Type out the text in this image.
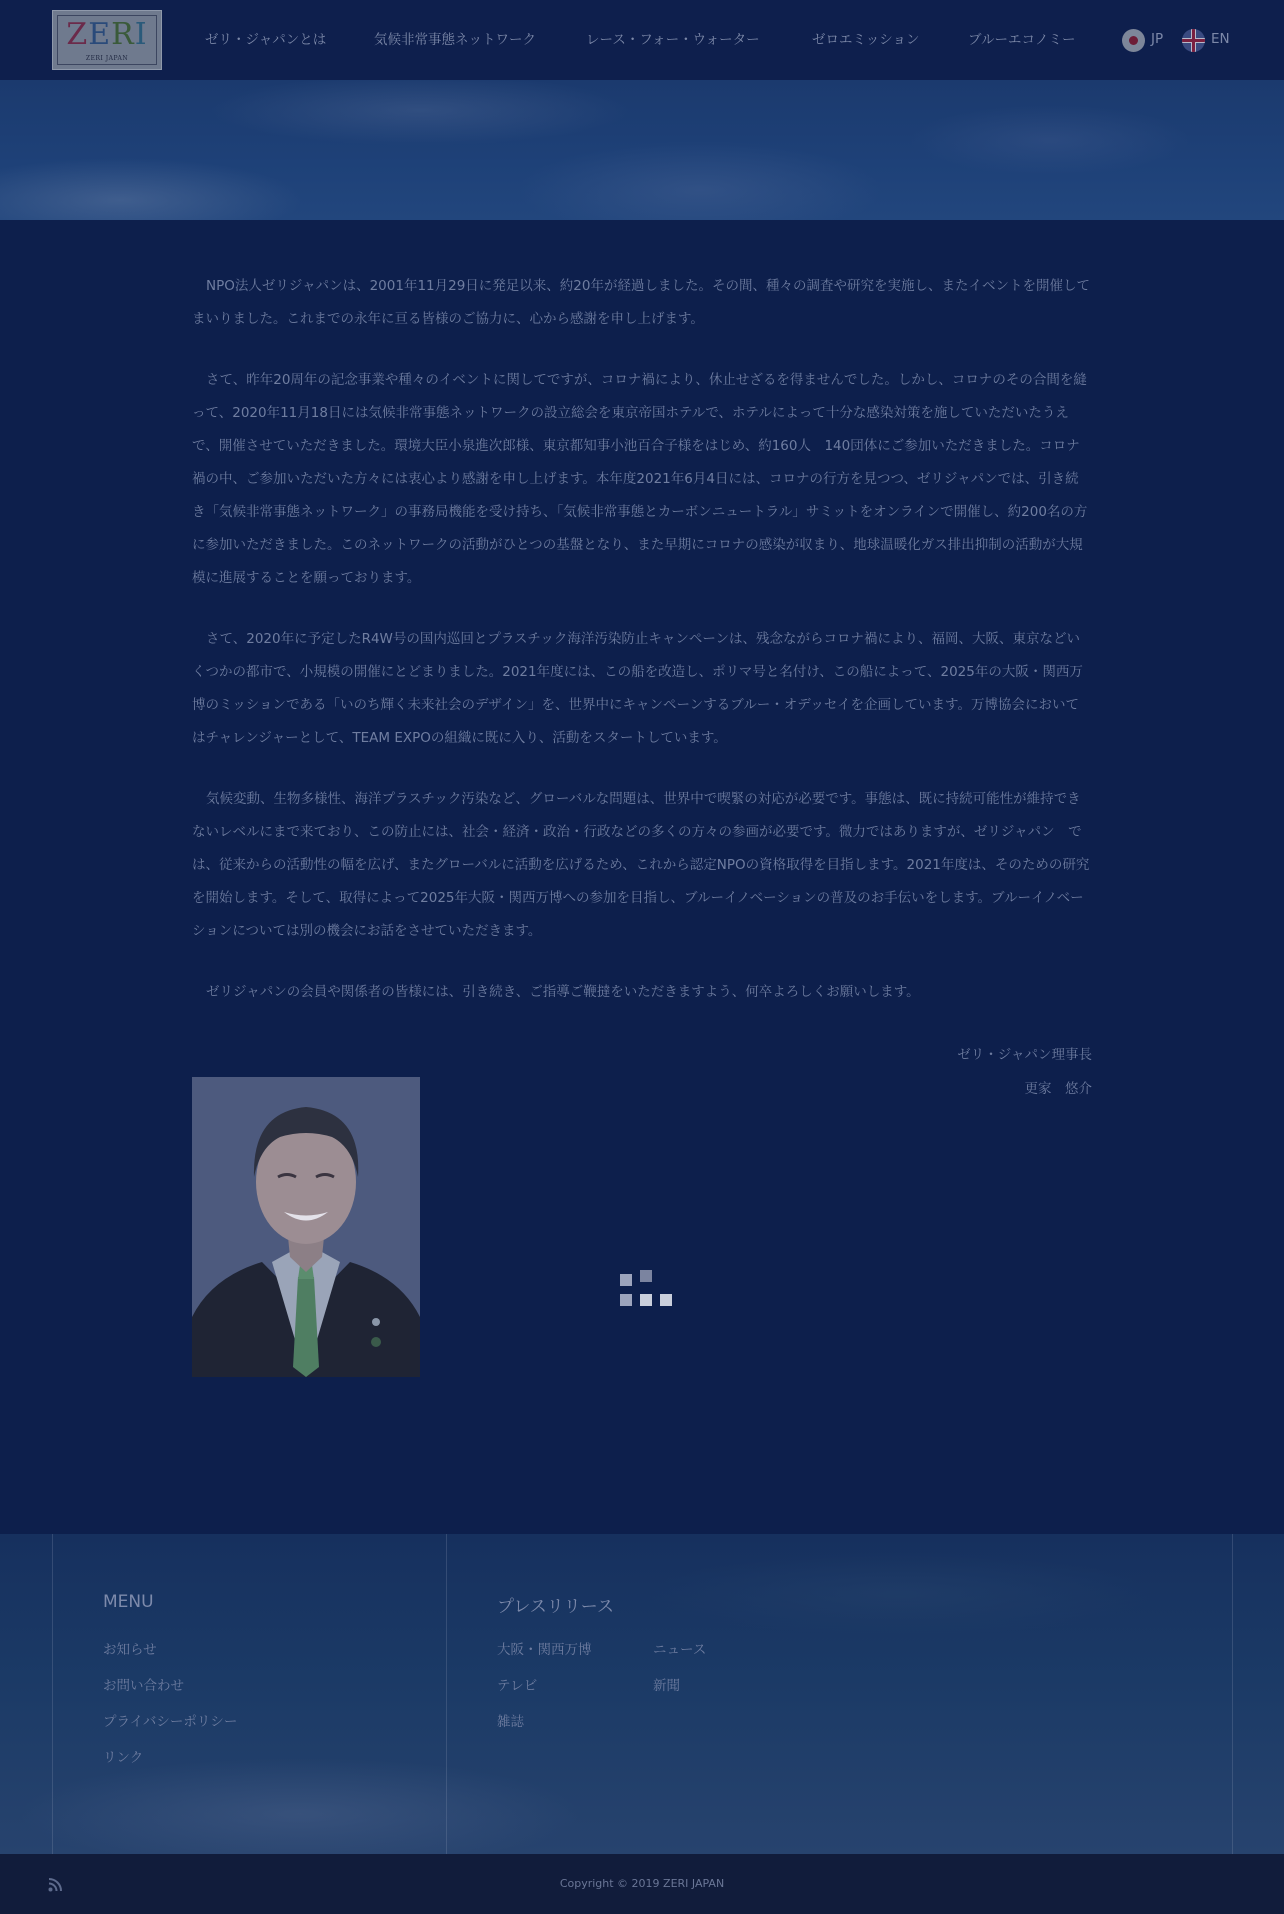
ZERI
ZERI JAPAN
ゼリ・ジャパンとは	気候非常事態ネットワーク	レース・フォー・ウォーター	ゼロエミッション	ブルーエコノミー	JP	EN

NPO法人ゼリジャパンは、2001年11月29日に発足以来、約20年が経過しました。その間、種々の調査や研究を実施し、またイベントを開催してまいりました。これまでの永年に亘る皆様のご協力に、心から感謝を申し上げます。

さて、昨年20周年の記念事業や種々のイベントに関してですが、コロナ禍により、休止せざるを得ませんでした。しかし、コロナのその合間を縫って、2020年11月18日には気候非常事態ネットワークの設立総会を東京帝国ホテルで、ホテルによって十分な感染対策を施していただいたうえで、開催させていただきました。環境大臣小泉進次郎様、東京都知事小池百合子様をはじめ、約160人　140団体にご参加いただきました。コロナ禍の中、ご参加いただいた方々には衷心より感謝を申し上げます。本年度2021年6月4日には、コロナの行方を見つつ、ゼリジャパンでは、引き続き「気候非常事態ネットワーク」の事務局機能を受け持ち、「気候非常事態とカーボンニュートラル」サミットをオンラインで開催し、約200名の方に参加いただきました。このネットワークの活動がひとつの基盤となり、また早期にコロナの感染が収まり、地球温暖化ガス排出抑制の活動が大規模に進展することを願っております。

さて、2020年に予定したR4W号の国内巡回とプラスチック海洋汚染防止キャンペーンは、残念ながらコロナ禍により、福岡、大阪、東京などいくつかの都市で、小規模の開催にとどまりました。2021年度には、この船を改造し、ポリマ号と名付け、この船によって、2025年の大阪・関西万博のミッションである「いのち輝く未来社会のデザイン」を、世界中にキャンペーンするブルー・オデッセイを企画しています。万博協会においてはチャレンジャーとして、TEAM EXPOの組織に既に入り、活動をスタートしています。

気候変動、生物多様性、海洋プラスチック汚染など、グローバルな問題は、世界中で喫緊の対応が必要です。事態は、既に持続可能性が維持できないレベルにまで来ており、この防止には、社会・経済・政治・行政などの多くの方々の参画が必要です。微力ではありますが、ゼリジャパン　では、従来からの活動性の幅を広げ、またグローバルに活動を広げるため、これから認定NPOの資格取得を目指します。2021年度は、そのための研究を開始します。そして、取得によって2025年大阪・関西万博への参加を目指し、ブルーイノベーションの普及のお手伝いをします。ブルーイノベーションについては別の機会にお話をさせていただきます。

ゼリジャパンの会員や関係者の皆様には、引き続き、ご指導ご鞭撻をいただきますよう、何卒よろしくお願いします。

ゼリ・ジャパン理事長
更家　悠介
MENU
お知らせ
お問い合わせ
プライバシーポリシー
リンク
プレスリリース
大阪・関西万博	ニュース
テレビ	新聞
雑誌
Copyright © 2019 ZERI JAPAN
